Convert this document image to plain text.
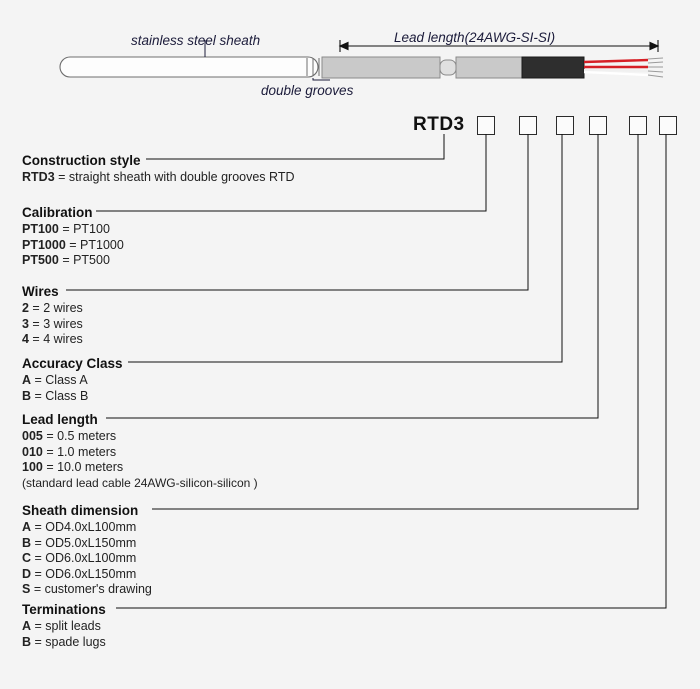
stainless steel sheath	Lead length(24AWG-SI-SI)
double grooves
RTD3
Construction style
RTD3 = straight sheath with double grooves RTD
Calibration
PT100 = PT100
PT1000 = PT1000
PT500 = PT500
Wires
2 = 2 wires
3 = 3 wires
4 = 4 wires
Accuracy Class
A = Class A
B = Class B
Lead length
005 = 0.5 meters
010 = 1.0 meters
100 = 10.0 meters
(standard lead cable 24AWG-silicon-silicon )
Sheath dimension
A = OD4.0xL100mm
B = OD5.0xL150mm
C = OD6.0xL100mm
D = OD6.0xL150mm
S = customer's drawing
Terminations
A = split leads
B = spade lugs
